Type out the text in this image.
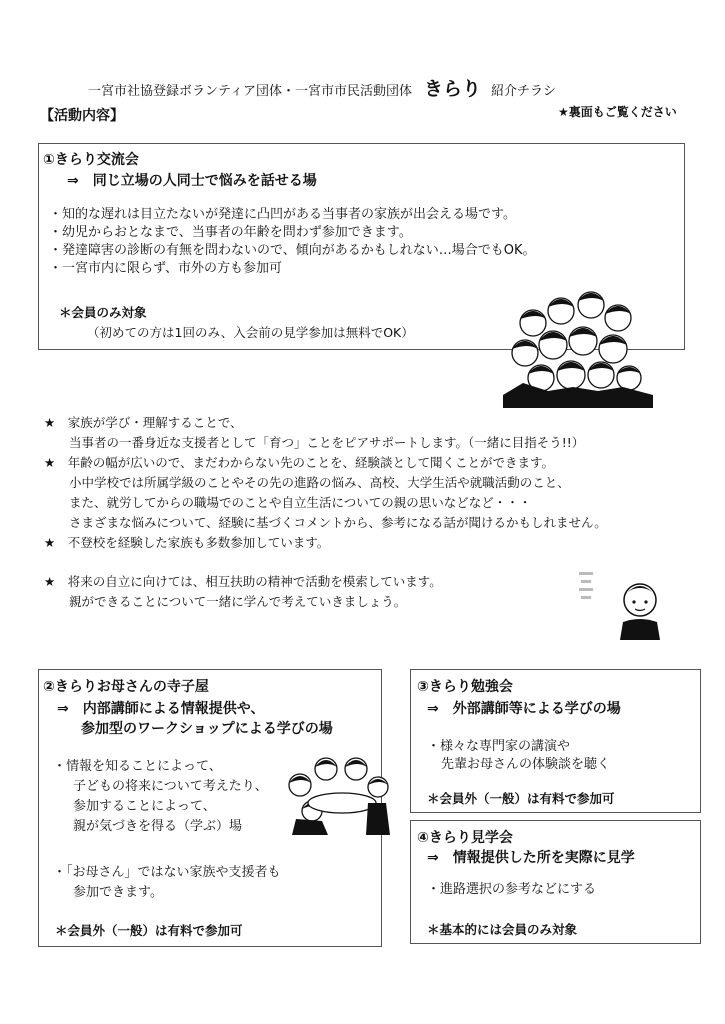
一宮市社協登録ボランティア団体・一宮市市民活動団体 きらり 紹介チラシ
【活動内容】	★裏面もご覧ください
①きらり交流会
⇒　同じ立場の人同士で悩みを話せる場
・知的な遅れは目立たないが発達に凸凹がある当事者の家族が出会える場です。
・幼児からおとなまで、当事者の年齢を問わず参加できます。
・発達障害の診断の有無を問わないので、傾向があるかもしれない…場合でもOK。
・一宮市内に限らず、市外の方も参加可
＊会員のみ対象
（初めての方は1回のみ、入会前の見学参加は無料でOK）
★　家族が学び・理解することで、
　　当事者の一番身近な支援者として「育つ」ことをピアサポートします。（一緒に目指そう!!）
★　年齢の幅が広いので、まだわからない先のことを、経験談として聞くことができます。
　　小中学校では所属学級のことやその先の進路の悩み、高校、大学生活や就職活動のこと、
　　また、就労してからの職場でのことや自立生活についての親の思いなどなど・・・
　　さまざまな悩みについて、経験に基づくコメントから、参考になる話が聞けるかもしれません。
★　不登校を経験した家族も多数参加しています。
★　将来の自立に向けては、相互扶助の精神で活動を模索しています。
　　親ができることについて一緒に学んで考えていきましょう。
②きらりお母さんの寺子屋
⇒　内部講師による情報提供や、
参加型のワークショップによる学びの場
・情報を知ることによって、
子どもの将来について考えたり、
参加することによって、
親が気づきを得る（学ぶ）場
・「お母さん」ではない家族や支援者も
参加できます。
＊会員外（一般）は有料で参加可
③きらり勉強会
⇒　外部講師等による学びの場
・様々な専門家の講演や
先輩お母さんの体験談を聴く
＊会員外（一般）は有料で参加可
④きらり見学会
⇒　情報提供した所を実際に見学
・進路選択の参考などにする
＊基本的には会員のみ対象
